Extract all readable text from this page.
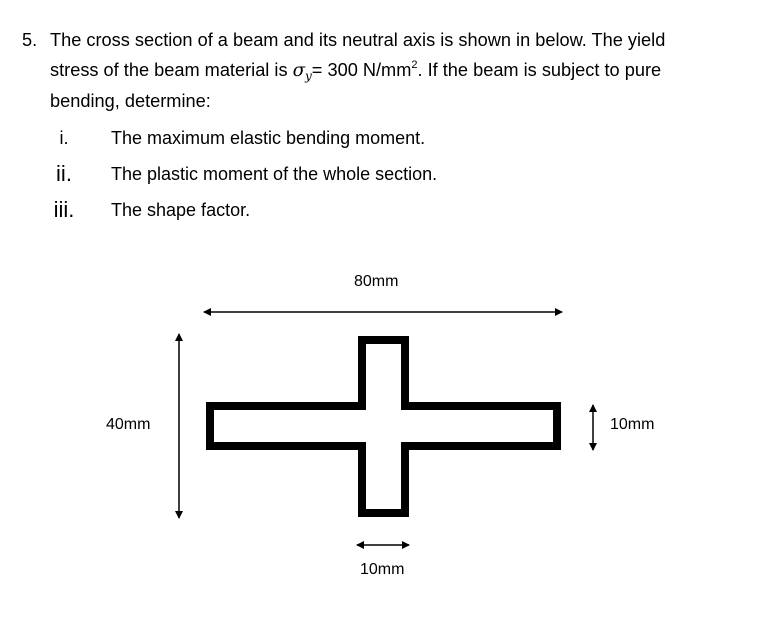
5. The cross section of a beam and its neutral axis is shown in below. The yield
stress of the beam material is $\sigma_y= 300$ $N/mm^2$. If the beam is subject to pure
bending, determine:
i.	The maximum elastic bending moment.
ii.	The plastic moment of the whole section.
iii.	The shape factor.
80mm
40mm	10mm
10mm
